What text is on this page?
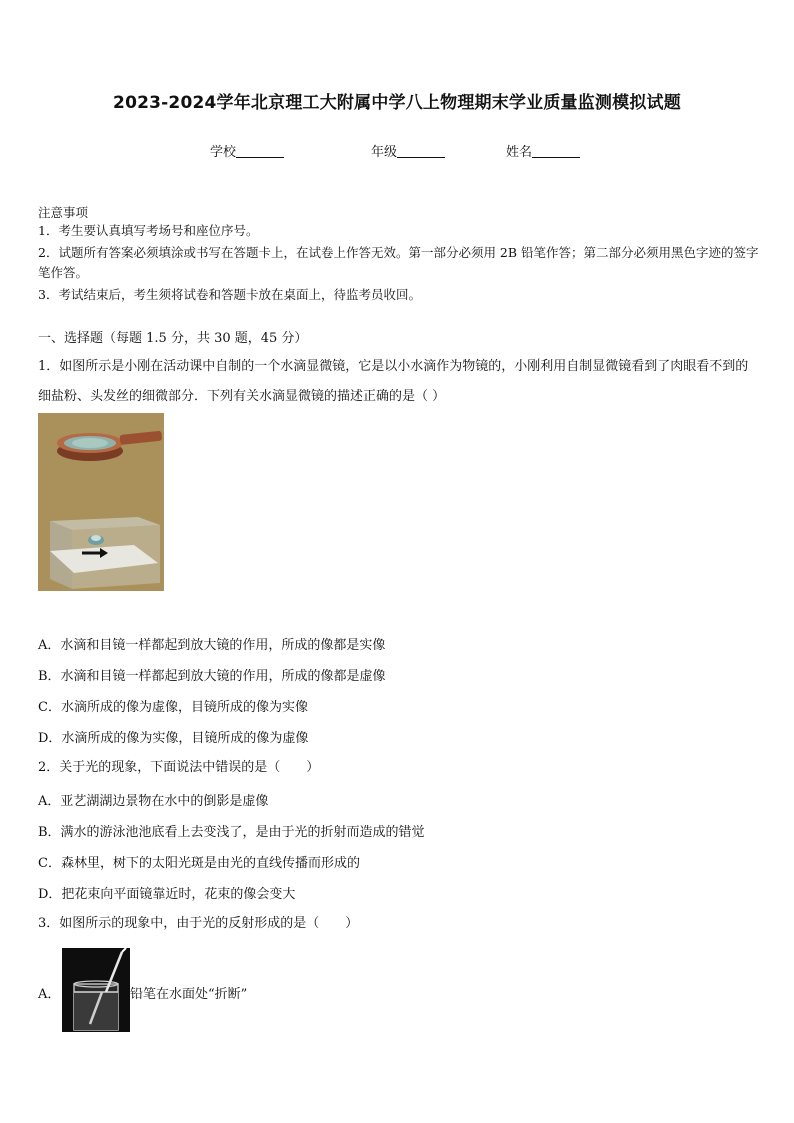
2023-2024学年北京理工大附属中学八上物理期末学业质量监测模拟试题
学校	年级	姓名
注意事项
1．考生要认真填写考场号和座位序号。
2．试题所有答案必须填涂或书写在答题卡上，在试卷上作答无效。第一部分必须用 2B 铅笔作答；第二部分必须用黑色字迹的签字笔作答。
3．考试结束后，考生须将试卷和答题卡放在桌面上，待监考员收回。
一、选择题（每题 1.5 分，共 30 题，45 分）
1．如图所示是小刚在活动课中自制的一个水滴显微镜，它是以小水滴作为物镜的，小刚利用自制显微镜看到了肉眼看不到的细盐粉、头发丝的细微部分．下列有关水滴显微镜的描述正确的是（ ）
A．水滴和目镜一样都起到放大镜的作用，所成的像都是实像
B．水滴和目镜一样都起到放大镜的作用，所成的像都是虚像
C．水滴所成的像为虚像，目镜所成的像为实像
D．水滴所成的像为实像，目镜所成的像为虚像
2．关于光的现象，下面说法中错误的是（　　）
A．亚艺湖湖边景物在水中的倒影是虚像
B．满水的游泳池池底看上去变浅了，是由于光的折射而造成的错觉
C．森林里，树下的太阳光斑是由光的直线传播而形成的
D．把花束向平面镜靠近时，花束的像会变大
3．如图所示的现象中，由于光的反射形成的是（　　）
A．	铅笔在水面处“折断”
